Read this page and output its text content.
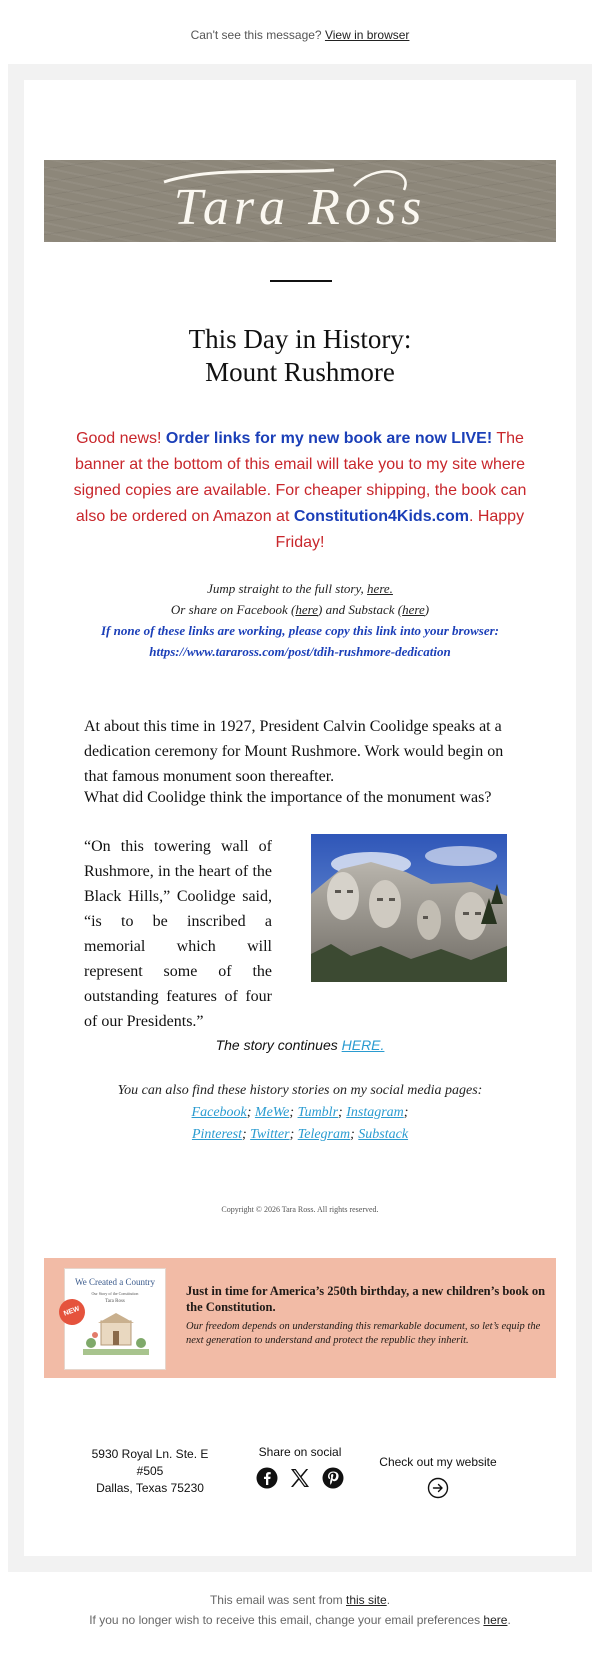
Can't see this message? View in browser
Tara Ross
This Day in History:
Mount Rushmore
Good news! Order links for my new book are now LIVE! The banner at the bottom of this email will take you to my site where signed copies are available. For cheaper shipping, the book can also be ordered on Amazon at Constitution4Kids.com. Happy Friday!
Jump straight to the full story, here.
Or share on Facebook (here) and Substack (here)
If none of these links are working, please copy this link into your browser:
https://www.taraross.com/post/tdih-rushmore-dedication
At about this time in 1927, President Calvin Coolidge speaks at a dedication ceremony for Mount Rushmore. Work would begin on that famous monument soon thereafter.
What did Coolidge think the importance of the monument was?
“On this towering wall of Rushmore, in the heart of the Black Hills,” Coolidge said, “is to be inscribed a memorial which will represent some of the outstanding features of four of our Presidents.”
The story continues HERE.
You can also find these history stories on my social media pages:
Facebook; MeWe; Tumblr; Instagram;
Pinterest; Twitter; Telegram; Substack
Copyright © 2026 Tara Ross. All rights reserved.
We Created a Country
Our Story of the Constitution
Tara Ross
NEW
Just in time for America’s 250th birthday, a new children’s book on the Constitution.
Our freedom depends on understanding this remarkable document, so let’s equip the next generation to understand and protect the republic they inherit.
5930 Royal Ln. Ste. E
#505
Dallas, Texas 75230
Share on social

Check out my website
This email was sent from this site.
If you no longer wish to receive this email, change your email preferences here.
